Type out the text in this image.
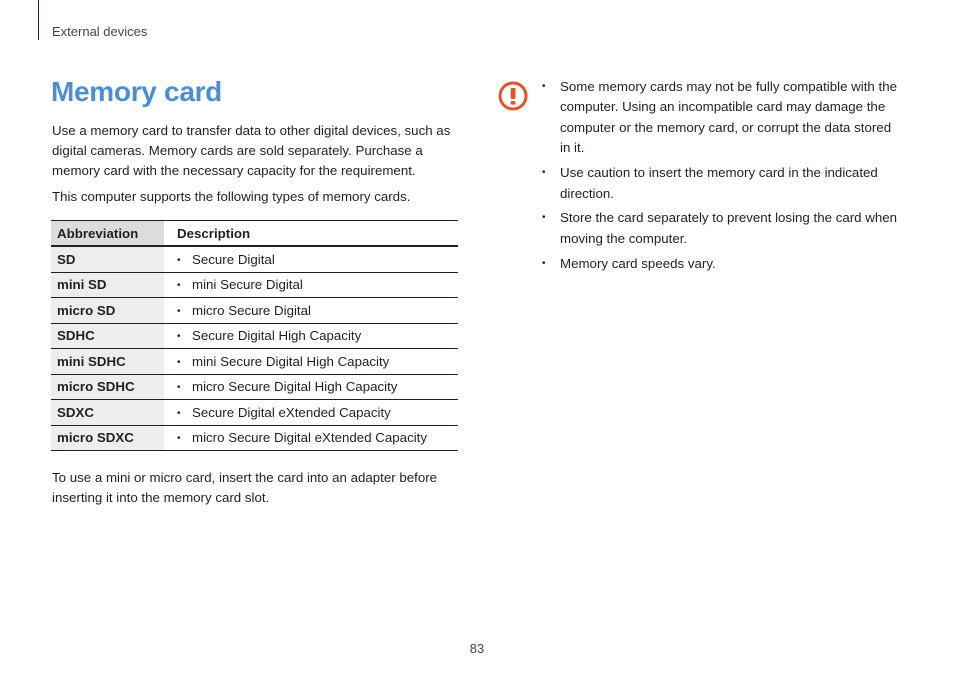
External devices
Memory card

Use a memory card to transfer data to other digital devices, such as digital cameras. Memory cards are sold separately. Purchase a memory card with the necessary capacity for the requirement.

This computer supports the following types of memory cards.

Abbreviation	Description
SD	• Secure Digital
mini SD	• mini Secure Digital
micro SD	• micro Secure Digital
SDHC	• Secure Digital High Capacity
mini SDHC	• mini Secure Digital High Capacity
micro SDHC	• micro Secure Digital High Capacity
SDXC	• Secure Digital eXtended Capacity
micro SDXC	• micro Secure Digital eXtended Capacity

To use a mini or micro card, insert the card into an adapter before inserting it into the memory card slot.

• Some memory cards may not be fully compatible with the computer. Using an incompatible card may damage the computer or the memory card, or corrupt the data stored in it.
• Use caution to insert the memory card in the indicated direction.
• Store the card separately to prevent losing the card when moving the computer.
• Memory card speeds vary.
83
